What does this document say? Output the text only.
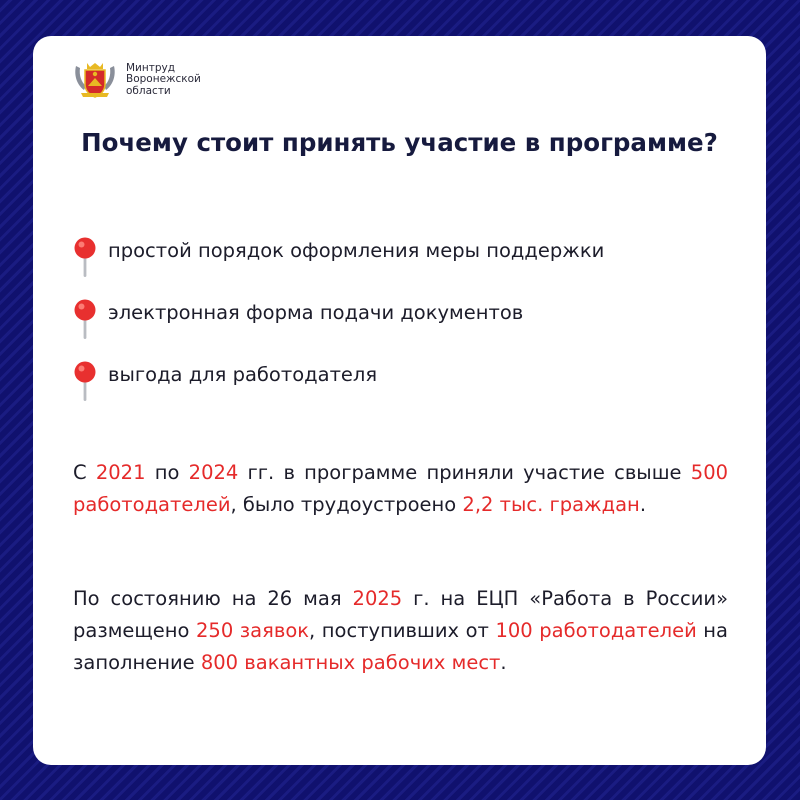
Минтруд
Воронежской
области
Почему стоит принять участие в программе?
простой порядок оформления меры поддержки
электронная форма подачи документов
выгода для работодателя

С 2021 по 2024 гг. в программе приняли участие свыше 500 работодателей, было трудоустроено 2,2 тыс. граждан.

По состоянию на 26 мая 2025 г. на ЕЦП «Работа в России» размещено 250 заявок, поступивших от 100 работодателей на заполнение 800 вакантных рабочих мест.
